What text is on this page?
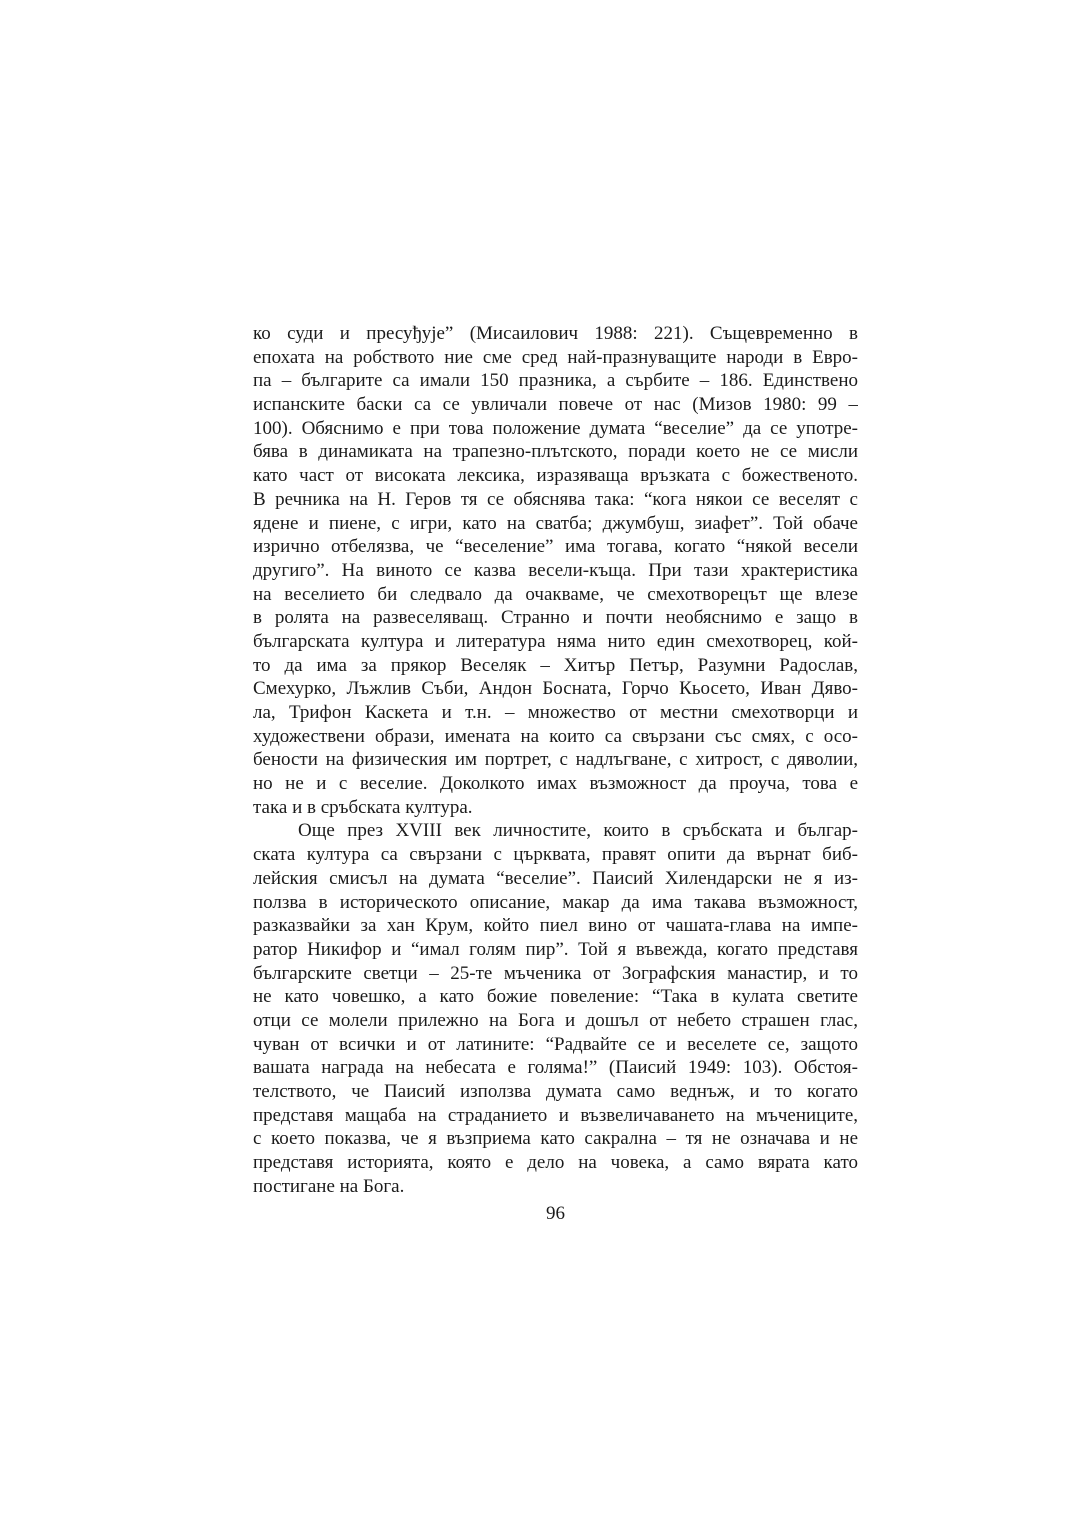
ко суди и пресуђује” (Мисаилович 1988: 221). Същевременно в
епохата на робството ние сме сред най-празнуващите народи в Евро-
па – българите са имали 150 празника, а сърбите – 186. Единствено
испанските баски са се увличали повече от нас (Мизов 1980: 99 –
100). Обяснимо е при това положение думата “веселие” да се употре-
бява в динамиката на трапезно-плътското, поради което не се мисли
като част от високата лексика, изразяваща връзката с божественото.
В речника на Н. Геров тя се обяснява така: “кога някои се веселят с
ядене и пиене, с игри, като на сватба; джумбуш, зиафет”. Той обаче
изрично отбелязва, че “веселение” има тогава, когато “някой весели
другиго”. На виното се казва весели-къща. При тази храктеристика
на веселието би следвало да очакваме, че смехотворецът ще влезе
в ролята на развеселяващ. Странно и почти необяснимо е защо в
българската култура и литература няма нито един смехотворец, кой-
то да има за прякор Веселяк – Хитър Петър, Разумни Радослав,
Смехурко, Лъжлив Съби, Андон Босната, Горчо Кьосето, Иван Дяво-
ла, Трифон Каскета и т.н. – множество от местни смехотворци и
художествени образи, имената на които са свързани със смях, с осо-
бености на физическия им портрет, с надлъгване, с хитрост, с дяволии,
но не и с веселие. Доколкото имах възможност да проуча, това е
така и в сръбската култура.

Още през XVIII век личностите, които в сръбската и българ-
ската култура са свързани с църквата, правят опити да върнат биб-
лейския смисъл на думата “веселие”. Паисий Хилендарски не я из-
ползва в историческото описание, макар да има такава възможност,
разказвайки за хан Крум, който пиел вино от чашата-глава на импе-
ратор Никифор и “имал голям пир”. Той я въвежда, когато представя
българските светци – 25-те мъченика от Зографския манастир, и то
не като човешко, а като божие повеление: “Така в кулата светите
отци се молели прилежно на Бога и дошъл от небето страшен глас,
чуван от всички и от латините: “Радвайте се и веселете се, защото
вашата награда на небесата е голяма!” (Паисий 1949: 103). Обстоя-
телството, че Паисий използва думата само веднъж, и то когато
представя мащаба на страданието и възвеличаването на мъчениците,
с което показва, че я възприема като сакрална – тя не означава и не
представя историята, която е дело на човека, а само вярата като
постигане на Бога.

96
